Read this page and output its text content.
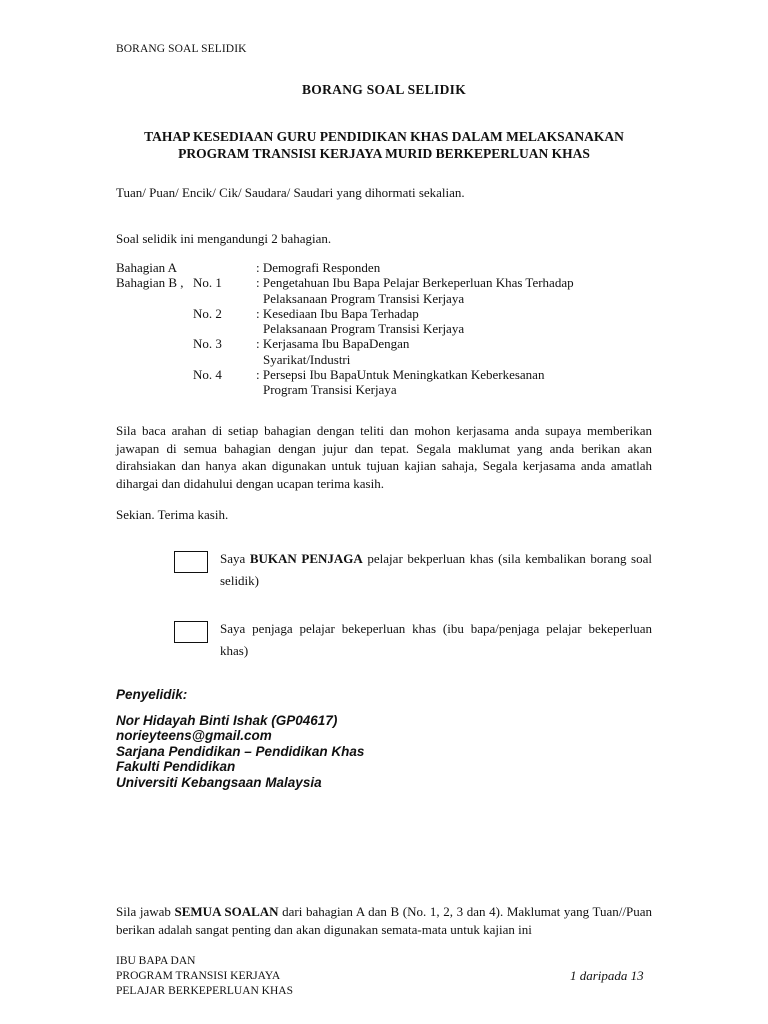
BORANG SOAL SELIDIK
BORANG SOAL SELIDIK
TAHAP KESEDIAAN GURU PENDIDIKAN KHAS DALAM MELAKSANAKAN
PROGRAM TRANSISI KERJAYA MURID BERKEPERLUAN KHAS
Tuan/ Puan/ Encik/ Cik/ Saudara/ Saudari yang dihormati sekalian.
Soal selidik ini mengandungi 2 bahagian.
Bahagian A	: Demografi Responden
Bahagian B , No. 1	: Pengetahuan Ibu Bapa Pelajar Berkeperluan Khas Terhadap
Pelaksanaan Program Transisi Kerjaya
No. 2	: Kesediaan Ibu Bapa Terhadap
Pelaksanaan Program Transisi Kerjaya
No. 3	: Kerjasama Ibu BapaDengan
Syarikat/Industri
No. 4	: Persepsi Ibu BapaUntuk Meningkatkan Keberkesanan
Program Transisi Kerjaya
Sila baca arahan di setiap bahagian dengan teliti dan mohon kerjasama anda supaya memberikan jawapan di semua bahagian dengan jujur dan tepat. Segala maklumat yang anda berikan akan dirahsiakan dan hanya akan digunakan untuk tujuan kajian sahaja, Segala kerjasama anda amatlah dihargai dan didahului dengan ucapan terima kasih.
Sekian. Terima kasih.
Saya BUKAN PENJAGA pelajar bekperluan khas (sila kembalikan borang soal selidik)
Saya penjaga pelajar bekeperluan khas (ibu bapa/penjaga pelajar bekeperluan khas)
Penyelidik:
Nor Hidayah Binti Ishak (GP04617)
norieyteens@gmail.com
Sarjana Pendidikan – Pendidikan Khas
Fakulti Pendidikan
Universiti Kebangsaan Malaysia
Sila jawab SEMUA SOALAN dari bahagian A dan B (No. 1, 2, 3 dan 4). Maklumat yang Tuan//Puan berikan adalah sangat penting dan akan digunakan semata-mata untuk kajian ini
IBU BAPA DAN
PROGRAM TRANSISI KERJAYA
PELAJAR BERKEPERLUAN KHAS
1 daripada 13
